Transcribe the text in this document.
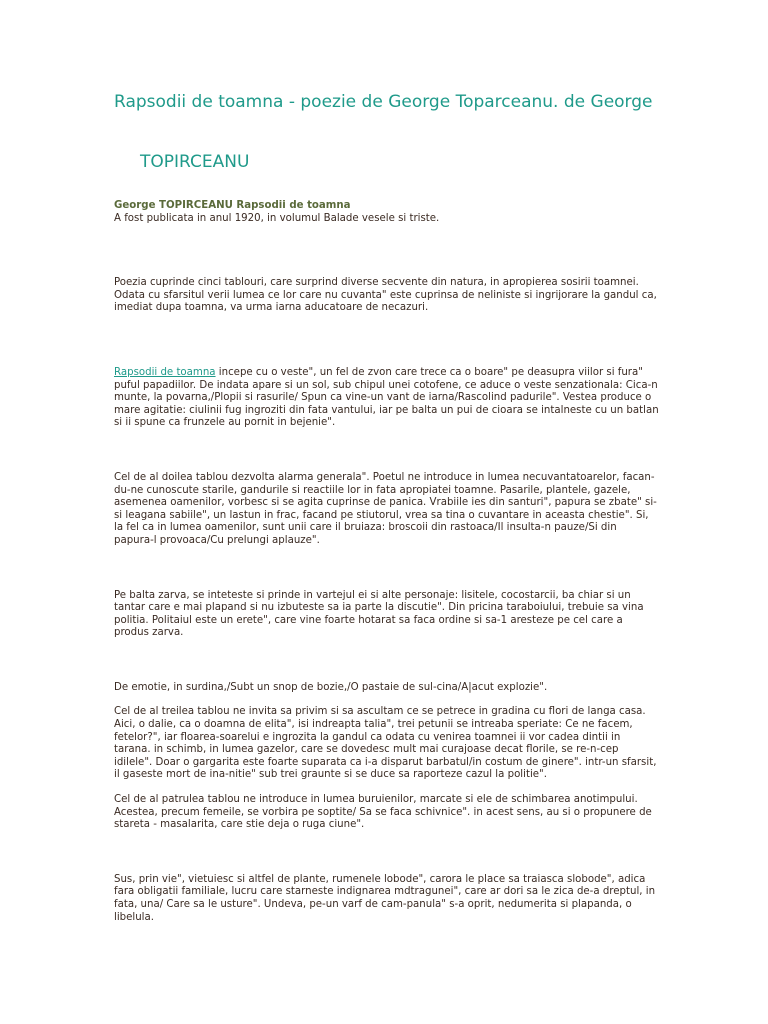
Rapsodii de toamna - poezie de George Toparceanu. de George
TOPIRCEANU

George TOPIRCEANU Rapsodii de toamna

A fost publicata in anul 1920, in volumul Balade vesele si triste.

Poezia cuprinde cinci tablouri, care surprind diverse secvente din natura, in apropierea sosirii toamnei. Odata cu sfarsitul verii lumea ce lor care nu cuvanta" este cuprinsa de neliniste si ingrijorare la gandul ca, imediat dupa toamna, va urma iarna aducatoare de necazuri.

Rapsodii de toamna incepe cu o veste", un fel de zvon care trece ca o boare" pe deasupra viilor si fura" puful papadiilor. De indata apare si un sol, sub chipul unei cotofene, ce aduce o veste senzationala: Cica-n munte, la povarna,/Plopii si rasurile/ Spun ca vine-un vant de iarna/Rascolind padurile". Vestea produce o mare agitatie: ciulinii fug ingroziti din fata vantului, iar pe balta un pui de cioara se intalneste cu un batlan si ii spune ca frunzele au pornit in bejenie".

Cel de al doilea tablou dezvolta alarma generala". Poetul ne introduce in lumea necuvantatoarelor, facan-du-ne cunoscute starile, gandurile si reactiile lor in fata apropiatei toamne. Pasarile, plantele, gazele, asemenea oamenilor, vorbesc si se agita cuprinse de panica. Vrabiile ies din santuri", papura se zbate" si-si leagana sabiile", un lastun in frac, facand pe stiutorul, vrea sa tina o cuvantare in aceasta chestie". Si, la fel ca in lumea oamenilor, sunt unii care il bruiaza: broscoii din rastoaca/Il insulta-n pauze/Si din papura-l provoaca/Cu prelungi aplauze".

Pe balta zarva, se inteteste si prinde in vartejul ei si alte personaje: lisitele, cocostarcii, ba chiar si un tantar care e mai plapand si nu izbuteste sa ia parte la discutie". Din pricina taraboiului, trebuie sa vina politia. Politaiul este un erete", care vine foarte hotarat sa faca ordine si sa-1 aresteze pe cel care a produs zarva.

De emotie, in surdina,/Subt un snop de bozie,/O pastaie de sul-cina/A|acut explozie".

Cel de al treilea tablou ne invita sa privim si sa ascultam ce se petrece in gradina cu flori de langa casa. Aici, o dalie, ca o doamna de elita", isi indreapta talia", trei petunii se intreaba speriate: Ce ne facem, fetelor?", iar floarea-soarelui e ingrozita la gandul ca odata cu venirea toamnei ii vor cadea dintii in tarana. in schimb, in lumea gazelor, care se dovedesc mult mai curajoase decat florile, se re-n-cep idilele". Doar o gargarita este foarte suparata ca i-a disparut barbatul/in costum de ginere". intr-un sfarsit, il gaseste mort de ina-nitie" sub trei graunte si se duce sa raporteze cazul la politie".

Cel de al patrulea tablou ne introduce in lumea buruienilor, marcate si ele de schimbarea anotimpului. Acestea, precum femeile, se vorbira pe soptite/ Sa se faca schivnice". in acest sens, au si o propunere de stareta - masalarita, care stie deja o ruga ciune".

Sus, prin vie", vietuiesc si altfel de plante, rumenele lobode", carora le place sa traiasca slobode", adica fara obligatii familiale, lucru care starneste indignarea mdtragunei", care ar dori sa le zica de-a dreptul, in fata, una/ Care sa le usture". Undeva, pe-un varf de cam-panula" s-a oprit, nedumerita si plapanda, o libelula.
